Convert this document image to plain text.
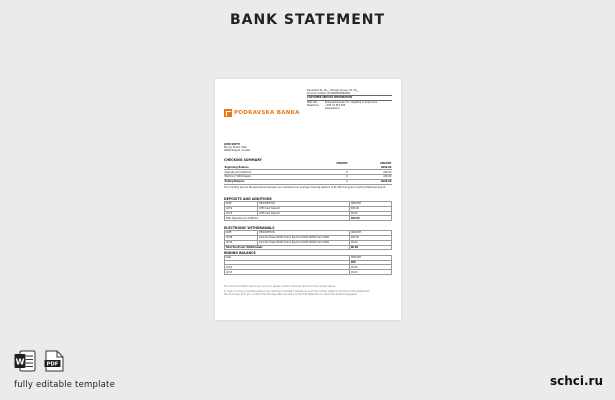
BANK STATEMENT
PODRAVSKA BANKA
December 01, 20__ through January 01, 20__
Account number: 00 0000000000000
CUSTOMER SERVICE INFORMATION
Web site:	Podravska banka d.d., Opatička 3, Koprivnica
Telephone:	+385 72 655 000
www.poba.hr
JOHN SMITH
00 Any Street, Town
00000 Zagreb, Croatia
CHECKING SUMMARY
	AMOUNT	AMOUNT
Beginning Balance		$000.00
Deposits and Additions	0	000.00
Electronic Withdrawals	0	000.00
Ending Balance	0	$000.00
Your monthly service fee was waived because you maintained an average checking balance of $1,500 during the monthly statement period.
DEPOSITS AND ADDITIONS
DATE	DESCRIPTION	AMOUNT
12/01	ATM Cash Deposit	000.00
12/15	ATM Cash Deposit	00.00
Total Deposits and Additions		000.00
ELECTRONIC WITHDRAWALS
DATE	DESCRIPTION	AMOUNT
12/08	Card Purchase 00/00 Online Payment 0000 00000 Card 0000	000.00
12/18	Card Purchase 00/00 Online Payment 0000 00000 Card 0000	00.00
Total Electronic Withdrawals		00.00
ENDING BALANCE
Date	AMOUNT
	000
12/01	00.00
12/15	00.00
For more information about your account, please contact customer service at the number above.
In case of errors or questions about your electronic transfers, telephone us at the number listed on the front of this statement.
We must hear from you no later than 60 days after we sent you the first statement on which the problem appeared.
W	PDF
fully editable template	schci.ru
